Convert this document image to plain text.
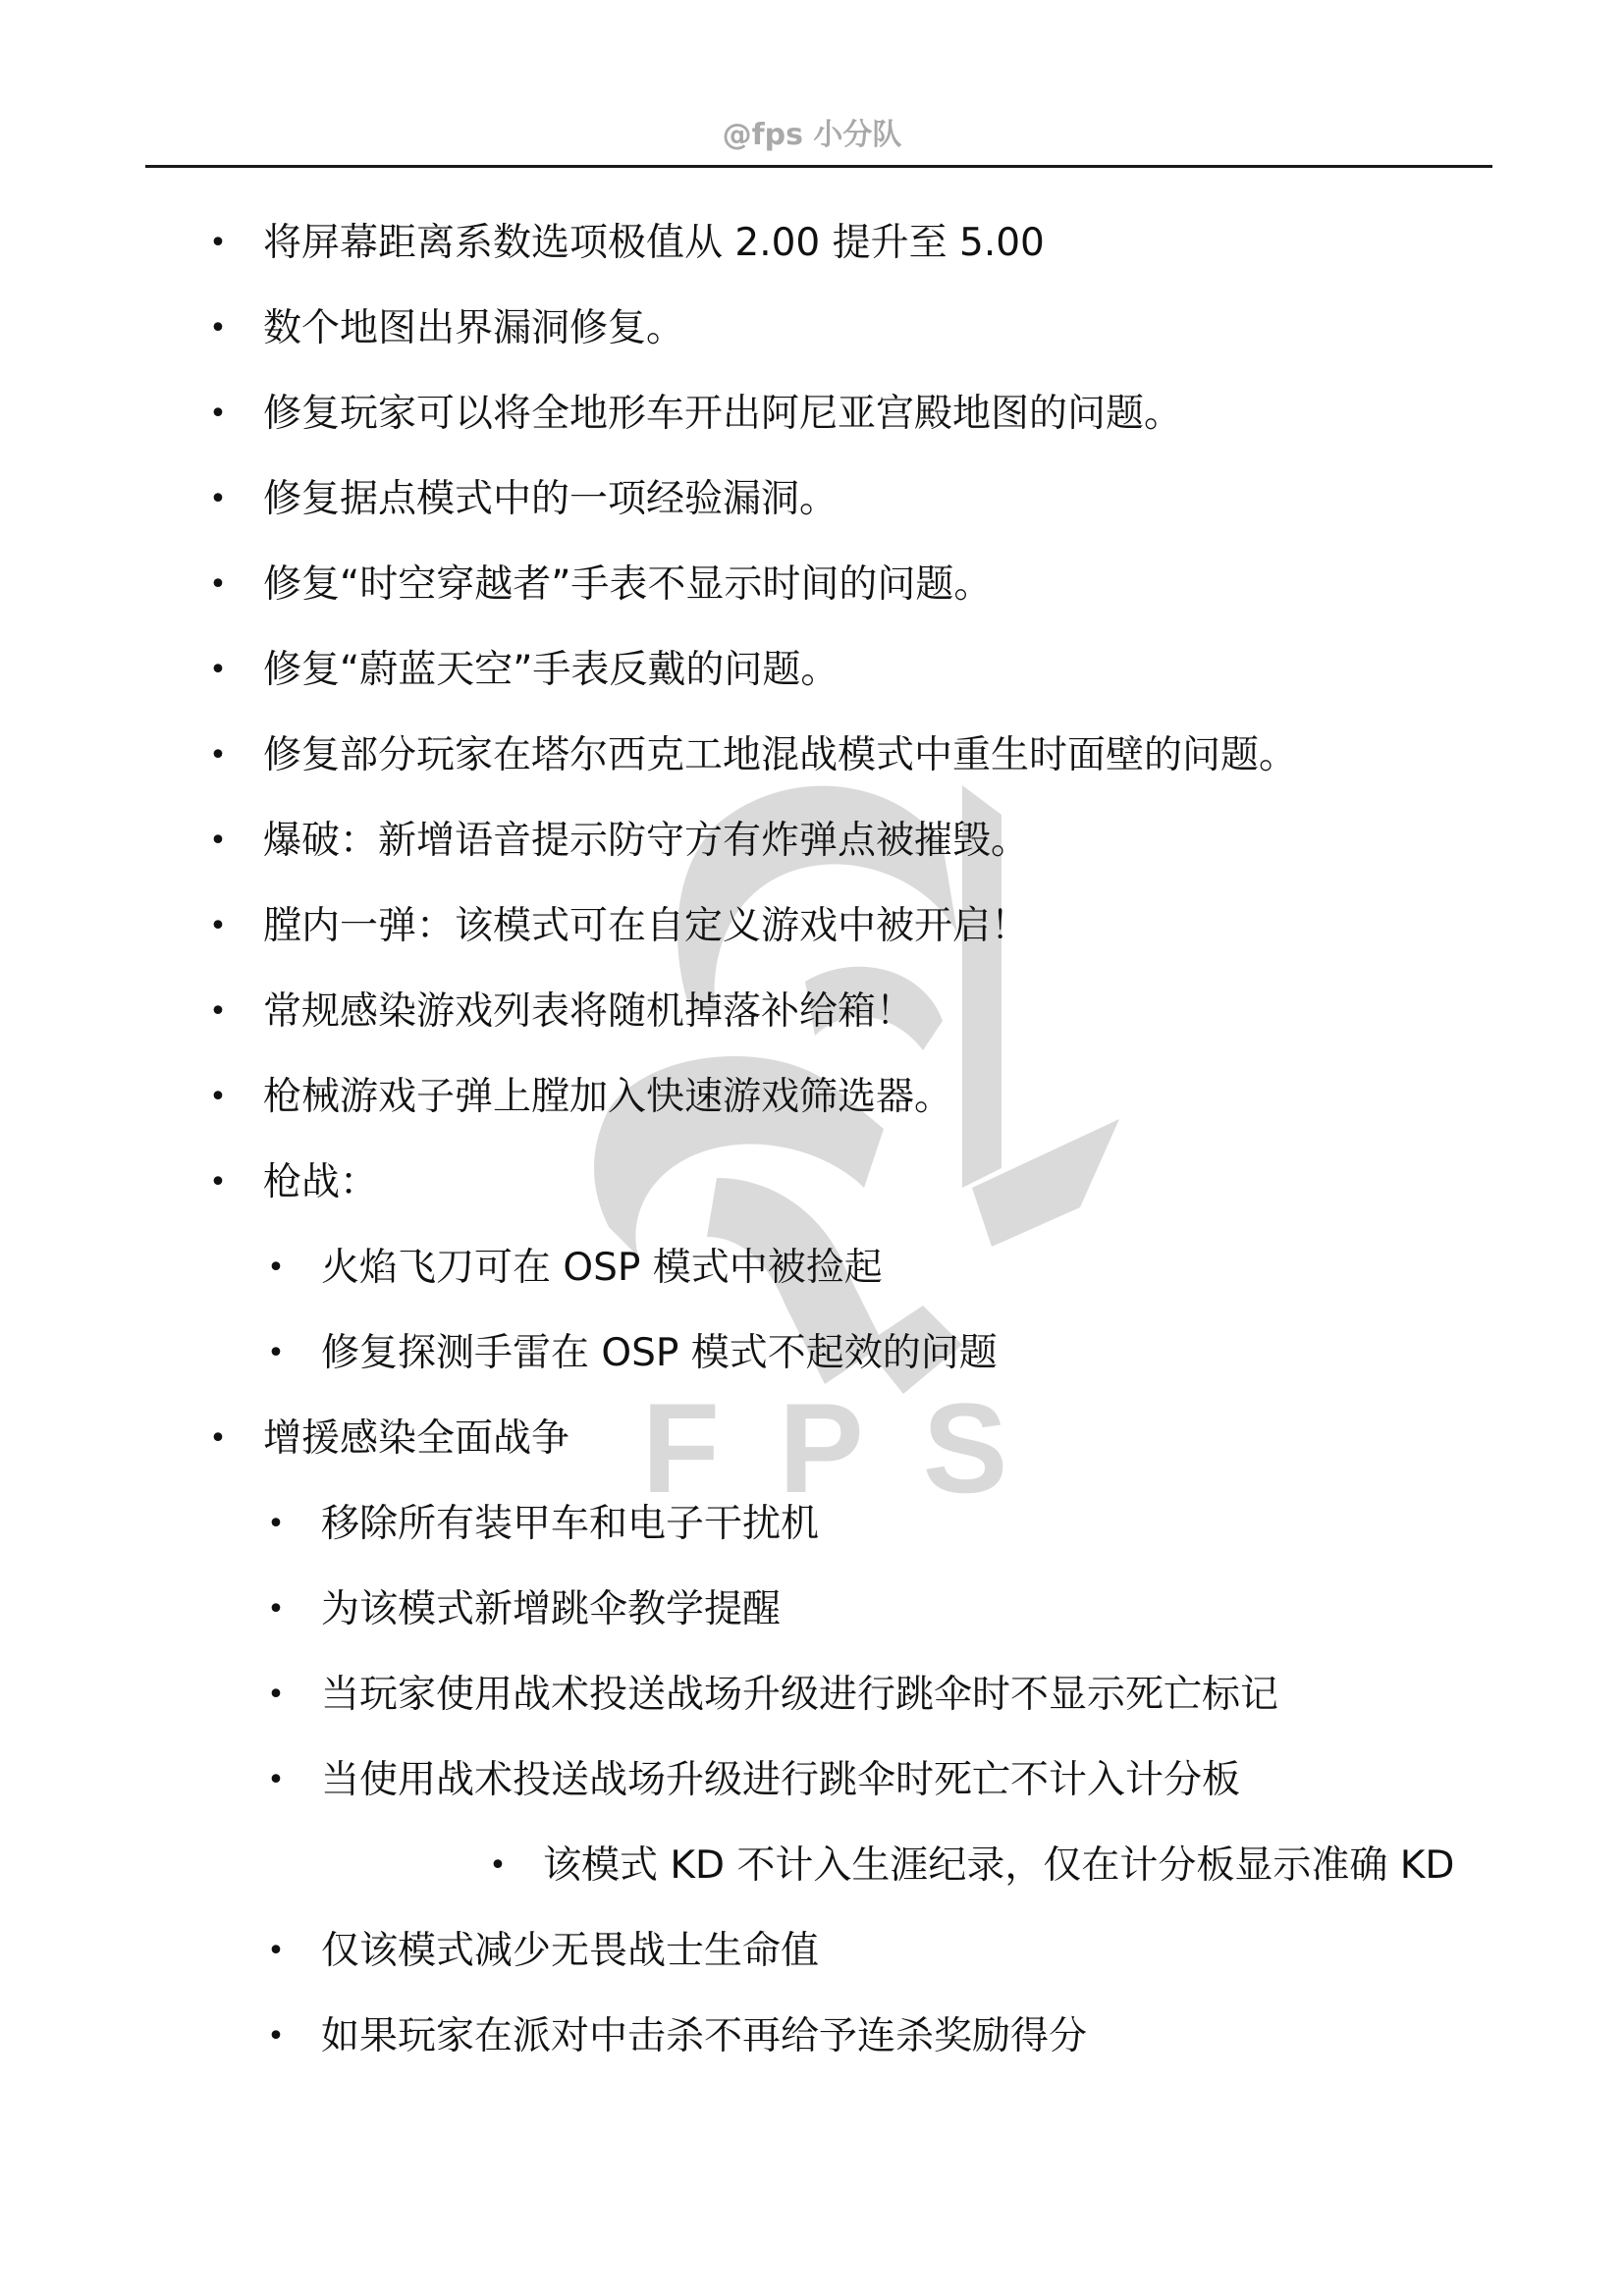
@fps 小分队
FPS
• 将屏幕距离系数选项极值从 2.00 提升至 5.00
• 数个地图出界漏洞修复。
• 修复玩家可以将全地形车开出阿尼亚宫殿地图的问题。
• 修复据点模式中的一项经验漏洞。
• 修复“时空穿越者”手表不显示时间的问题。
• 修复“蔚蓝天空”手表反戴的问题。
• 修复部分玩家在塔尔西克工地混战模式中重生时面壁的问题。
• 爆破：新增语音提示防守方有炸弹点被摧毁。
• 膛内一弹：该模式可在自定义游戏中被开启！
• 常规感染游戏列表将随机掉落补给箱！
• 枪械游戏子弹上膛加入快速游戏筛选器。
• 枪战：
• 火焰飞刀可在 OSP 模式中被捡起
• 修复探测手雷在 OSP 模式不起效的问题
• 增援感染全面战争
• 移除所有装甲车和电子干扰机
• 为该模式新增跳伞教学提醒
• 当玩家使用战术投送战场升级进行跳伞时不显示死亡标记
• 当使用战术投送战场升级进行跳伞时死亡不计入计分板
• 该模式 KD 不计入生涯纪录，仅在计分板显示准确 KD
• 仅该模式减少无畏战士生命值
• 如果玩家在派对中击杀不再给予连杀奖励得分
